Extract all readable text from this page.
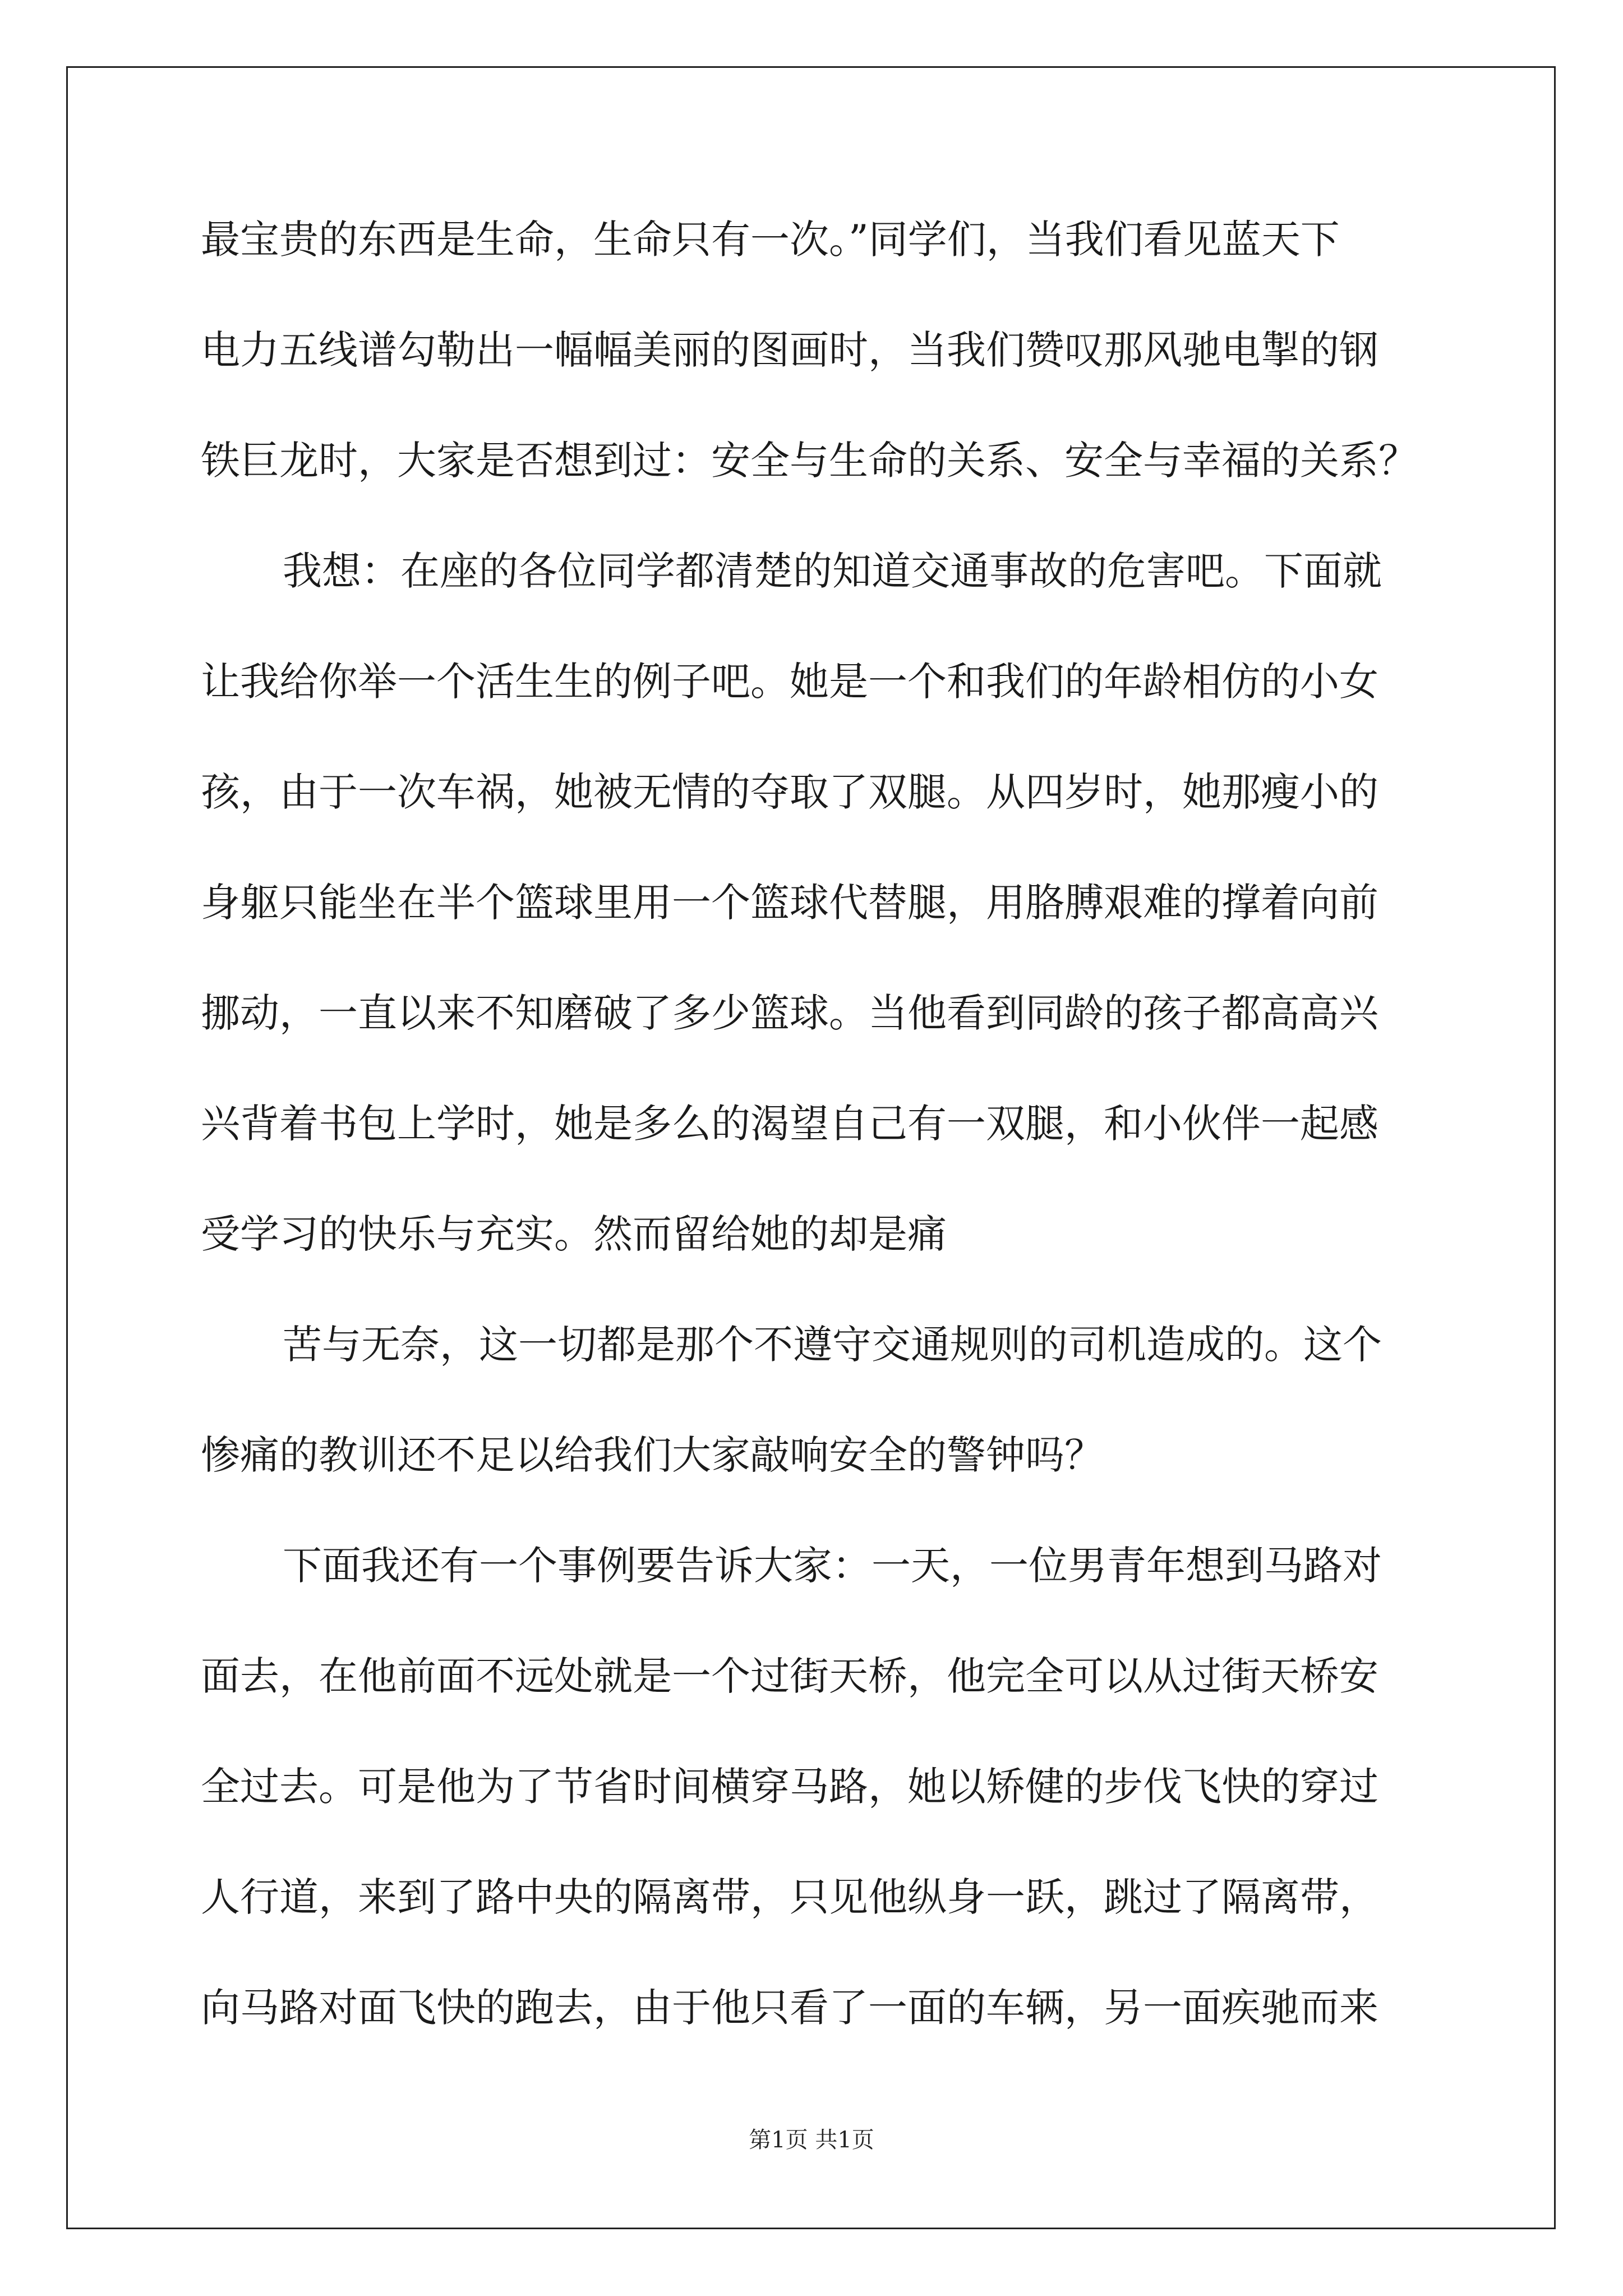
最宝贵的东西是生命，生命只有一次。”同学们，当我们看见蓝天下
电力五线谱勾勒出一幅幅美丽的图画时，当我们赞叹那风驰电掣的钢
铁巨龙时，大家是否想到过：安全与生命的关系、安全与幸福的关系？
我想：在座的各位同学都清楚的知道交通事故的危害吧。下面就
让我给你举一个活生生的例子吧。她是一个和我们的年龄相仿的小女
孩，由于一次车祸，她被无情的夺取了双腿。从四岁时，她那瘦小的
身躯只能坐在半个篮球里用一个篮球代替腿，用胳膊艰难的撑着向前
挪动，一直以来不知磨破了多少篮球。当他看到同龄的孩子都高高兴
兴背着书包上学时，她是多么的渴望自己有一双腿，和小伙伴一起感
受学习的快乐与充实。然而留给她的却是痛
苦与无奈，这一切都是那个不遵守交通规则的司机造成的。这个
惨痛的教训还不足以给我们大家敲响安全的警钟吗？
下面我还有一个事例要告诉大家：一天，一位男青年想到马路对
面去，在他前面不远处就是一个过街天桥，他完全可以从过街天桥安
全过去。可是他为了节省时间横穿马路，她以矫健的步伐飞快的穿过
人行道，来到了路中央的隔离带，只见他纵身一跃，跳过了隔离带，
向马路对面飞快的跑去，由于他只看了一面的车辆，另一面疾驰而来
第1页 共1页
